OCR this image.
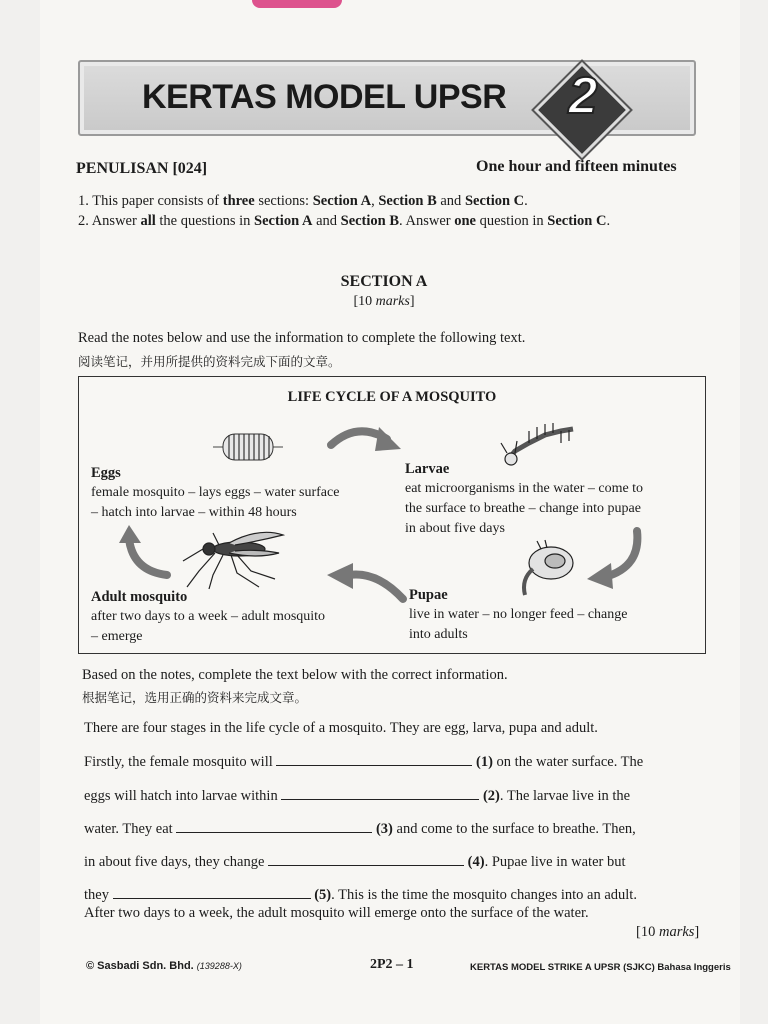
KERTAS MODEL UPSR 2
PENULISAN [024]	One hour and fifteen minutes
1. This paper consists of three sections: Section A, Section B and Section C.
2. Answer all the questions in Section A and Section B. Answer one question in Section C.
SECTION A
[10 marks]
Read the notes below and use the information to complete the following text.
阅读笔记，并用所提供的资料完成下面的文章。
LIFE CYCLE OF A MOSQUITO
Eggs
female mosquito – lays eggs – water surface
– hatch into larvae – within 48 hours
Larvae
eat microorganisms in the water – come to
the surface to breathe – change into pupae
in about five days
Adult mosquito
after two days to a week – adult mosquito
– emerge
Pupae
live in water – no longer feed – change
into adults
Based on the notes, complete the text below with the correct information.
根据笔记，选用正确的资料来完成文章。
There are four stages in the life cycle of a mosquito. They are egg, larva, pupa and adult.
Firstly, the female mosquito will	(1) on the water surface. The
eggs will hatch into larvae within	(2). The larvae live in the
water. They eat	(3) and come to the surface to breathe. Then,
in about five days, they change	(4). Pupae live in water but
they	(5). This is the time the mosquito changes into an adult.
After two days to a week, the adult mosquito will emerge onto the surface of the water.
[10 marks]
© Sasbadi Sdn. Bhd. (139288-X)	2P2 – 1	KERTAS MODEL STRIKE A UPSR (SJKC) Bahasa Inggeris
